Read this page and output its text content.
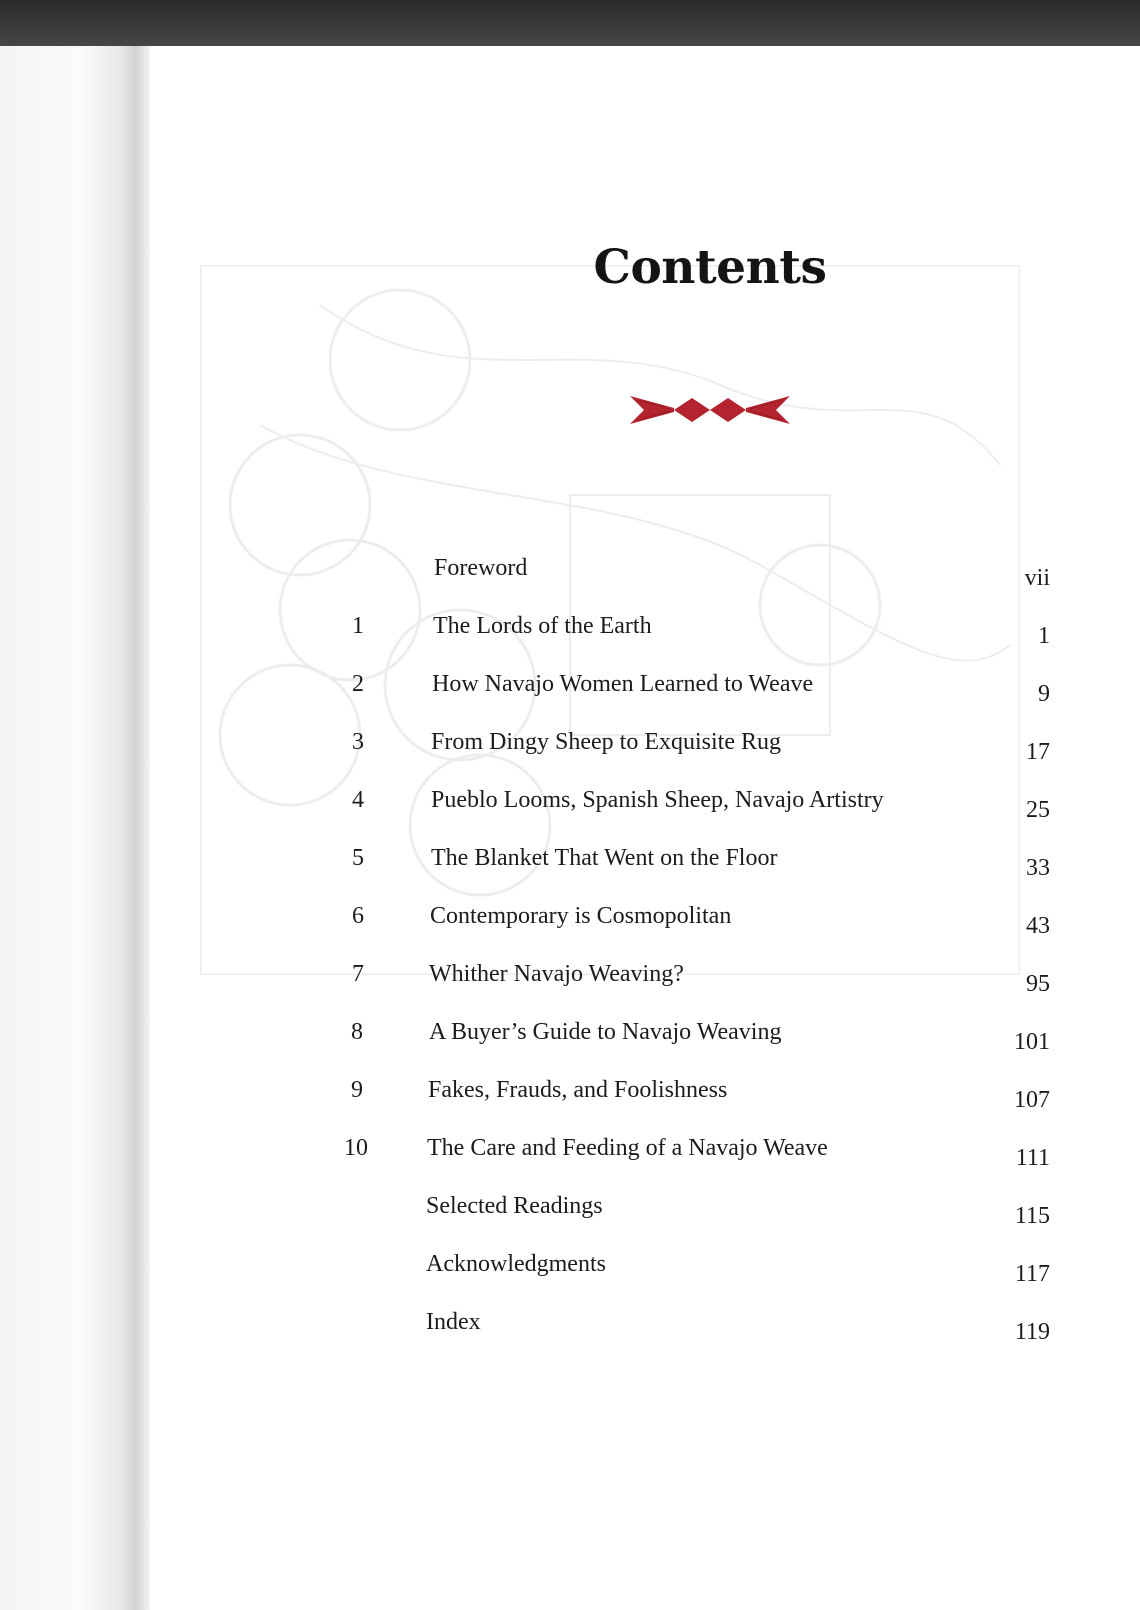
Contents
Foreword	vii
1	The Lords of the Earth	1
2	How Navajo Women Learned to Weave	9
3	From Dingy Sheep to Exquisite Rug	17
4	Pueblo Looms, Spanish Sheep, Navajo Artistry	25
5	The Blanket That Went on the Floor	33
6	Contemporary is Cosmopolitan	43
7	Whither Navajo Weaving?	95
8	A Buyer’s Guide to Navajo Weaving	101
9	Fakes, Frauds, and Foolishness	107
10	The Care and Feeding of a Navajo Weave	111
Selected Readings	115
Acknowledgments	117
Index	119
